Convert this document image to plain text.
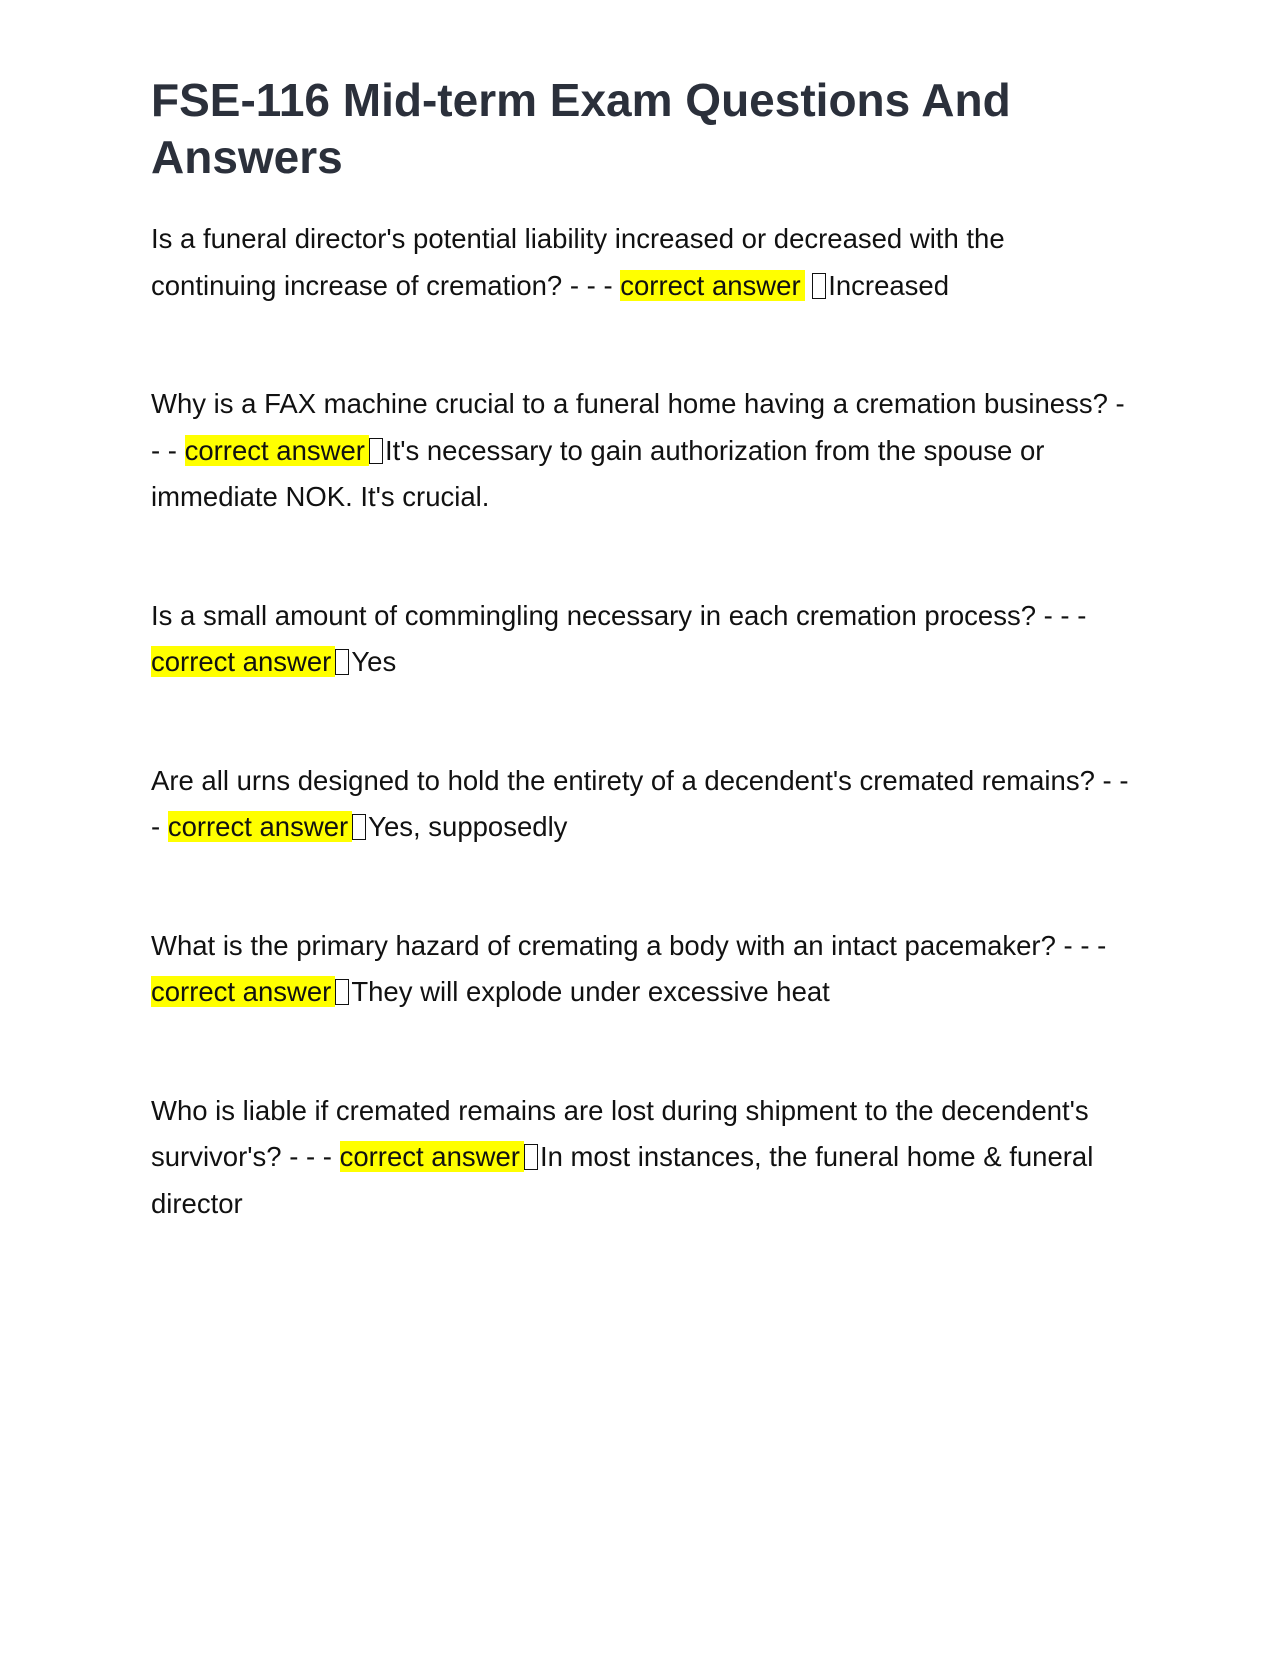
FSE-116 Mid-term Exam Questions And Answers

Is a funeral director's potential liability increased or decreased with the continuing increase of cremation? - - - correct answer Increased

Why is a FAX machine crucial to a funeral home having a cremation business? - - - correct answer It's necessary to gain authorization from the spouse or immediate NOK. It's crucial.

Is a small amount of commingling necessary in each cremation process? - - - correct answer Yes

Are all urns designed to hold the entirety of a decendent's cremated remains? - - - correct answer Yes, supposedly

What is the primary hazard of cremating a body with an intact pacemaker? - - - correct answer They will explode under excessive heat

Who is liable if cremated remains are lost during shipment to the decendent's survivor's? - - - correct answer In most instances, the funeral home & funeral director
